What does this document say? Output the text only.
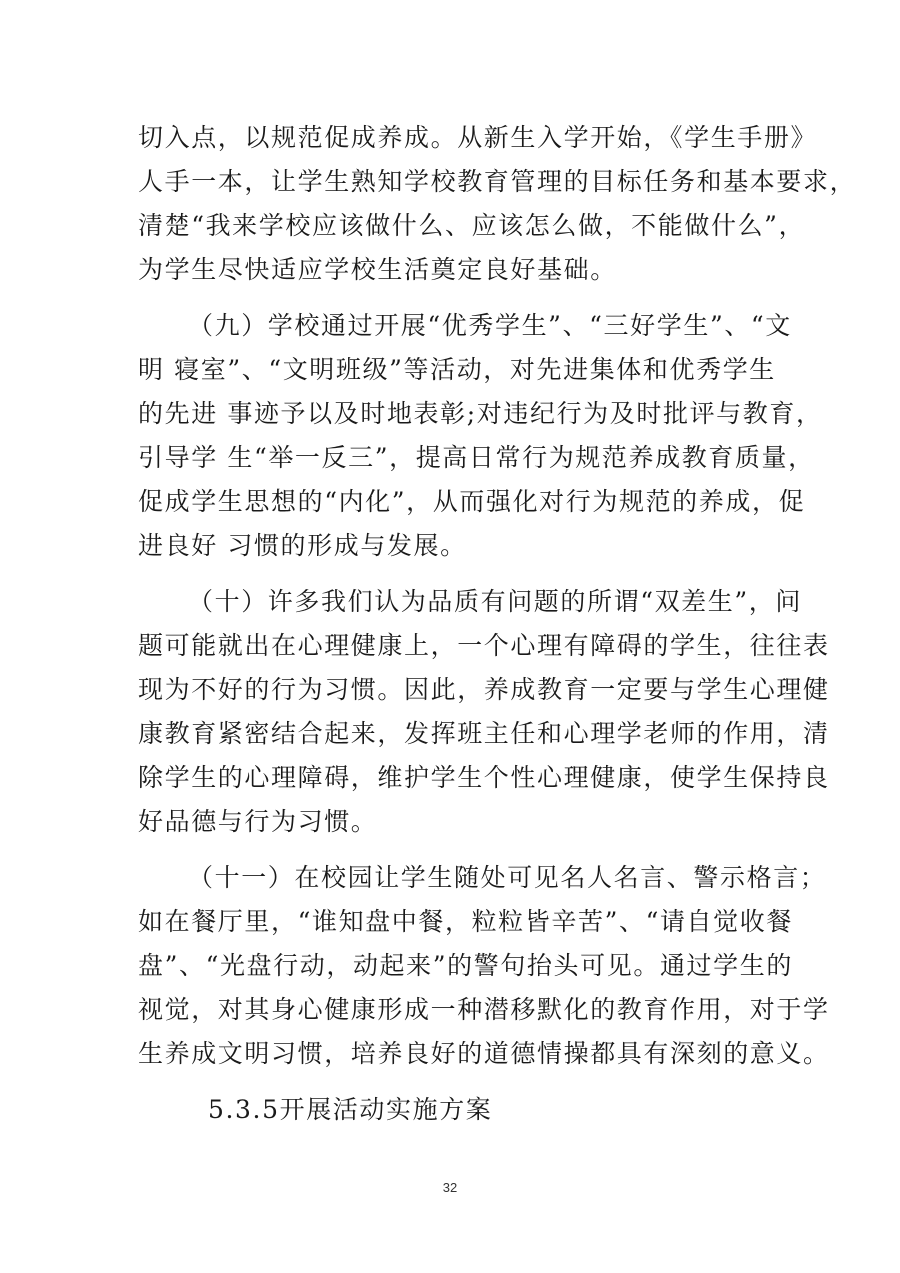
切入点，以规范促成养成。从新生入学开始，《学生手册》
人手一本，让学生熟知学校教育管理的目标任务和基本要求，
清楚“我来学校应该做什么、应该怎么做，不能做什么”，
为学生尽快适应学校生活奠定良好基础。
（九）学校通过开展“优秀学生”、“三好学生”、“文
明 寝室”、“文明班级”等活动，对先进集体和优秀学生
的先进 事迹予以及时地表彰;对违纪行为及时批评与教育，
引导学 生“举一反三”，提高日常行为规范养成教育质量，
促成学生思想的“内化”，从而强化对行为规范的养成，促
进良好 习惯的形成与发展。
（十）许多我们认为品质有问题的所谓“双差生”，问
题可能就出在心理健康上，一个心理有障碍的学生，往往表
现为不好的行为习惯。因此，养成教育一定要与学生心理健
康教育紧密结合起来，发挥班主任和心理学老师的作用，清
除学生的心理障碍，维护学生个性心理健康，使学生保持良
好品德与行为习惯。
（十一）在校园让学生随处可见名人名言、警示格言；
如在餐厅里，“谁知盘中餐，粒粒皆辛苦”、“请自觉收餐
盘”、“光盘行动，动起来”的警句抬头可见。通过学生的
视觉，对其身心健康形成一种潜移默化的教育作用，对于学
生养成文明习惯，培养良好的道德情操都具有深刻的意义。
5.3.5开展活动实施方案
32
